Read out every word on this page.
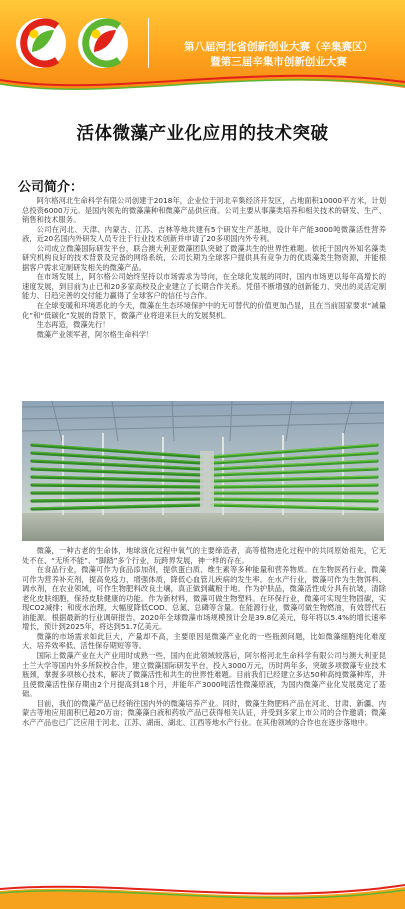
第八届河北省创新创业大赛（辛集赛区）
暨第三届辛集市创新创业大赛
活体微藻产业化应用的技术突破
公司简介：

阿尔格河北生命科学有限公司创建于2018年，企业位于河北辛集经济开发区，占地面积10000平方米，计划总投资6000万元。是国内领先的微藻藻种和微藻产品供应商。公司主要从事藻类培养和相关技术的研发、生产、销售和技术服务。

公司在河北、天津、内蒙古、江苏、吉林等地共建有5个研发生产基地，设计年产能3000吨微藻活性营养液，近20名国内外研发人员专注于行业技术创新并申请了20多项国内外专利。

公司成立微藻国际研发平台，联合澳大利亚微藻团队突破了微藻共生的世界性难题。依托于国内外知名藻类研究机构良好的技术背景及完备的网络系统，公司长期为全球客户提供具有竞争力的优质藻类生物资源，并能根据客户需求定制研发相关的微藻产品。

在市场发展上，阿尔格公司始终坚持以市场需求为导向，在全球化发展的同时，国内市场更以每年高增长的速度发展，到目前为止已和20多家高校及企业建立了长期合作关系。凭借不断增强的创新能力、突出的灵活定制能力、日趋完善的交付能力赢得了全球客户的信任与合作。

在全球变暖和环境恶化的今天，微藻在生态环境保护中的无可替代的价值更加凸显，且在当前国家要求“减量化”和“低碳化”发展的背景下，微藻产业将迎来巨大的发展契机。

生态再造，微藻先行！

微藻产业领军者，阿尔格生命科学！

微藻，一种古老的生命体，地球演化过程中氧气的主要缔造者，高等植物进化过程中的共同原始祖先，它无处不在、“无所不能”、“脚踏”多个行业，玩跨界发展，神一样的存在。

在食品行业，微藻可作为食品添加剂，提供蛋白质、维生素等多种能量和营养物质。在生物医药行业，微藻可作为营养补充剂，提高免疫力，增强体质，降低心血管儿疾病的发生率。在水产行业，微藻可作为生物饵料、调水剂，在农业领域，可作生物肥料改良土壤，真正做到藏粮于地。作为护肤品，微藻活性成分具有抗皱，清除老化皮肤细胞，保持皮肤健康的功能。作为新材料，微藻可做生物塑料。在环保行业，微藻可实现生物固碳，实现CO2减排；和废水治理，大幅度降低COD、总氮、总磷等含量。在能源行业，微藻可做生物燃油，有效替代石油能源。根据最新的行业调研报告，2020年全球微藻市场规模预计会是39.8亿美元，每年将以5.4%的增长速率增长，预计到2025年，将达到51.7亿美元。

微藻的市场需求如此巨大，产量却不高，主要原因是微藻产业化的一些瓶颈问题，比如微藻细胞纯化难度大、培养效率低、活性保存期短等等。

国际上微藻产业在大产业用时成熟一些，国内在此领域较落后，阿尔格河北生命科学有限公司与澳大利亚昆士兰大学等国内外多所院校合作，建立微藻国际研发平台，投入3000万元，历时两年多，突破多项微藻专业技术瓶颈，掌握多项核心技术，解决了微藻活性和共生的世界性难题。目前我们已经建立多达50种高纯微藻种库，并且使微藻活性保存期由2个月提高到18个月，并能年产3000吨活性微藻原液，为国内微藻产业化发展奠定了基础。

目前，我们的微藻产品已经销往国内外的微藻培养产业。同时，微藻生物肥料产品在河北、甘肃、新疆、内蒙古等地应用面积已超20万亩；微藻藻白液和药妆产品已获得相关认证，并受到多家上市公司的合作邀请；微藻水产产品也已广泛应用于河北、江苏、湖南、湖北、江西等地水产行业。在其他领域的合作也在逐步落地中。
